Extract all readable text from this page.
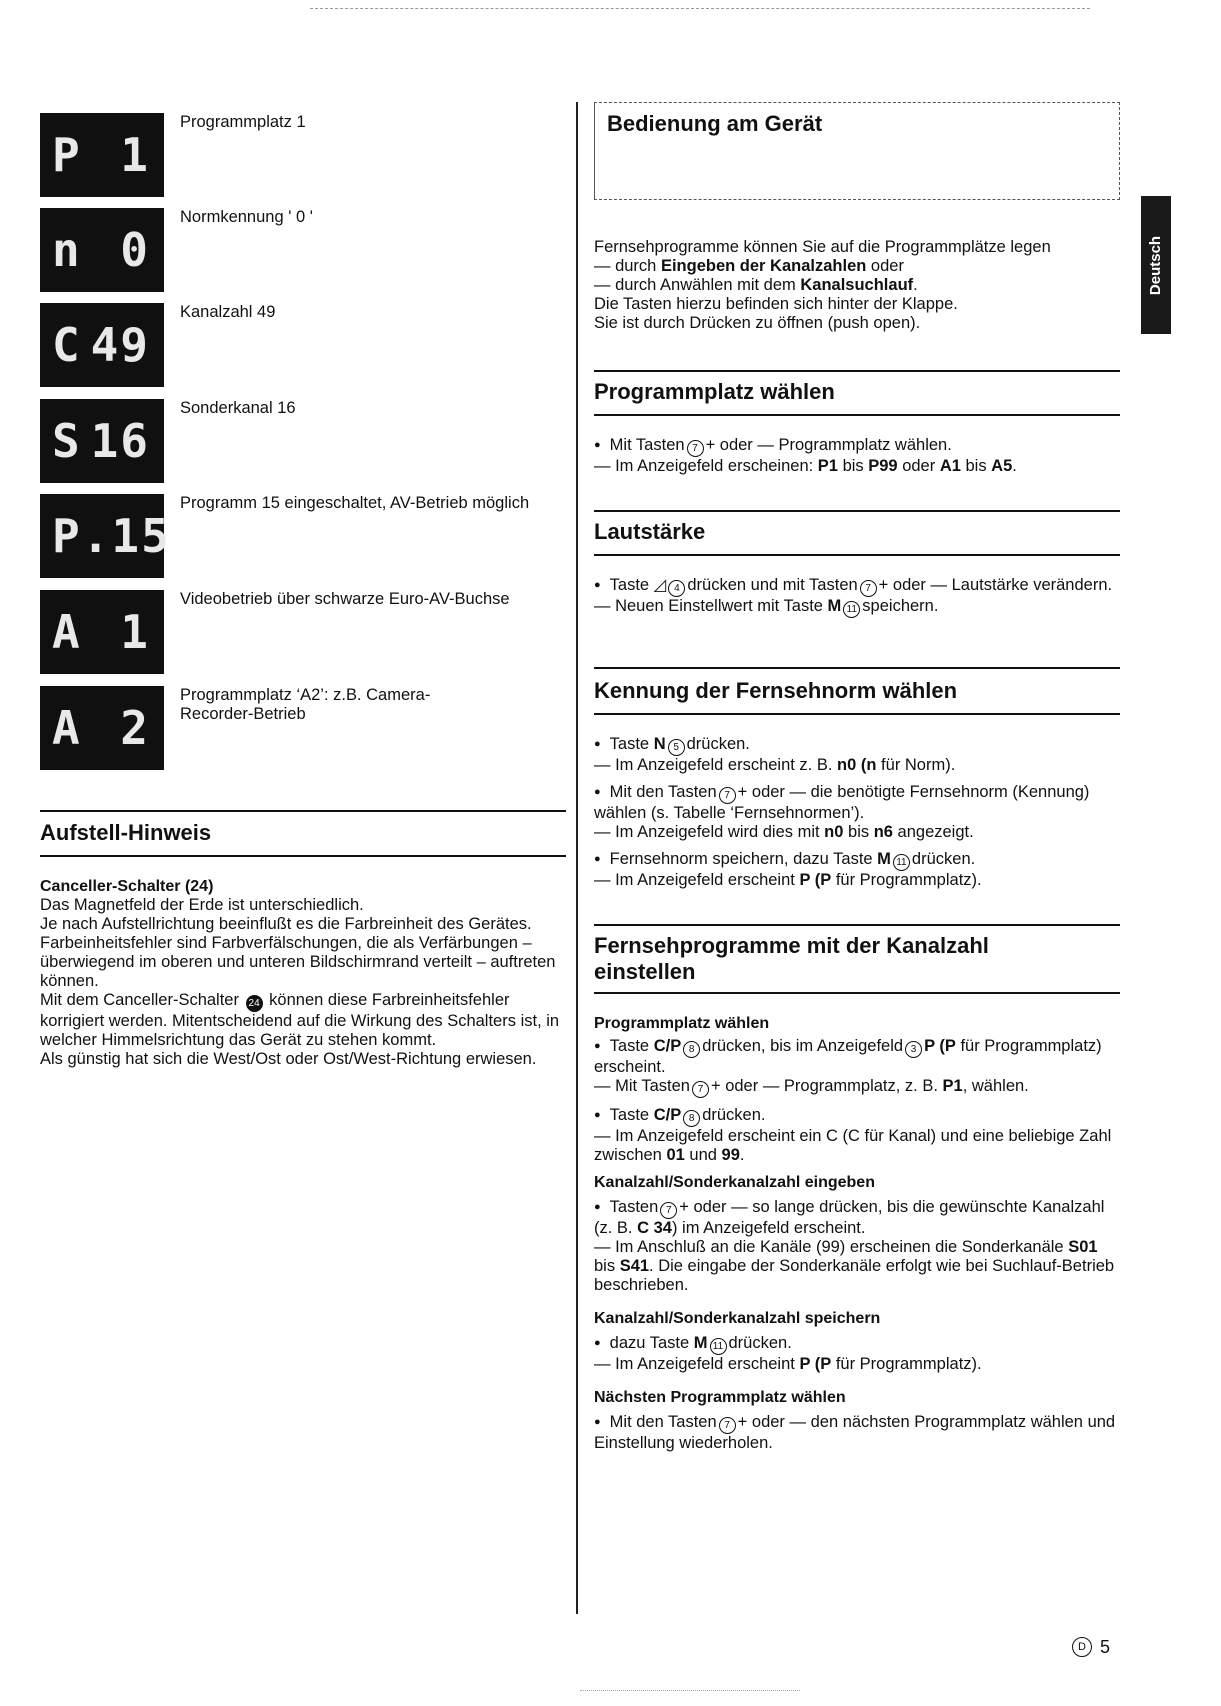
P 1
Programmplatz 1
n 0
Normkennung ' 0 '
C 49
Kanalzahl 49
S 16
Sonderkanal 16
P. 15
Programm 15 eingeschaltet, AV-Betrieb möglich
A 1
Videobetrieb über schwarze Euro-AV-Buchse
A 2
Programmplatz ‘A2’: z.B. Camera-Recorder-Betrieb
Aufstell-Hinweis
Canceller-Schalter (24)

Das Magnetfeld der Erde ist unterschiedlich.

Je nach Aufstellrichtung beeinflußt es die Farbreinheit des Gerätes.

Farbeinheitsfehler sind Farbverfälschungen, die als Verfärbungen – überwiegend im oberen und unteren Bildschirmrand verteilt – auftreten können.

Mit dem Canceller-Schalter 24 können diese Farbreinheitsfehler korrigiert werden. Mitentscheidend auf die Wirkung des Schalters ist, in welcher Himmelsrichtung das Gerät zu stehen kommt.

Als günstig hat sich die West/Ost oder Ost/West-Richtung erwiesen.

Bedienung am Gerät
Deutsch

Fernsehprogramme können Sie auf die Programmplätze legen

— durch Eingeben der Kanalzahlen oder

— durch Anwählen mit dem Kanalsuchlauf.

Die Tasten hierzu befinden sich hinter der Klappe.

Sie ist durch Drücken zu öffnen (push open).

Programmplatz wählen

● Mit Tasten 7 + oder — Programmplatz wählen.

— Im Anzeigefeld erscheinen: P1 bis P99 oder A1 bis A5.

Lautstärke

● Taste ◿ 4 drücken und mit Tasten 7 + oder — Lautstärke verändern.

— Neuen Einstellwert mit Taste M 11 speichern.

Kennung der Fernsehnorm wählen

● Taste N 5 drücken.

— Im Anzeigefeld erscheint z. B. n0 (n für Norm).

● Mit den Tasten 7 + oder — die benötigte Fernsehnorm (Kennung) wählen (s. Tabelle ‘Fernsehnormen’).

— Im Anzeigefeld wird dies mit n0 bis n6 angezeigt.

● Fernsehnorm speichern, dazu Taste M 11 drücken.

— Im Anzeigefeld erscheint P (P für Programmplatz).

Fernsehprogramme mit der Kanalzahl einstellen
Programmplatz wählen

● Taste C/P 8 drücken, bis im Anzeigefeld 3 P (P für Programmplatz) erscheint.

— Mit Tasten 7 + oder — Programmplatz, z. B. P1, wählen.

● Taste C/P 8 drücken.

— Im Anzeigefeld erscheint ein C (C für Kanal) und eine beliebige Zahl zwischen 01 und 99.

Kanalzahl/Sonderkanalzahl eingeben

● Tasten 7 + oder — so lange drücken, bis die gewünschte Kanalzahl (z. B. C 34) im Anzeigefeld erscheint.

— Im Anschluß an die Kanäle (99) erscheinen die Sonderkanäle S01 bis S41. Die eingabe der Sonderkanäle erfolgt wie bei Suchlauf-Betrieb beschrieben.

Kanalzahl/Sonderkanalzahl speichern

● dazu Taste M 11 drücken.

— Im Anzeigefeld erscheint P (P für Programmplatz).

Nächsten Programmplatz wählen

● Mit den Tasten 7 + oder — den nächsten Programmplatz wählen und Einstellung wiederholen.

D 5
